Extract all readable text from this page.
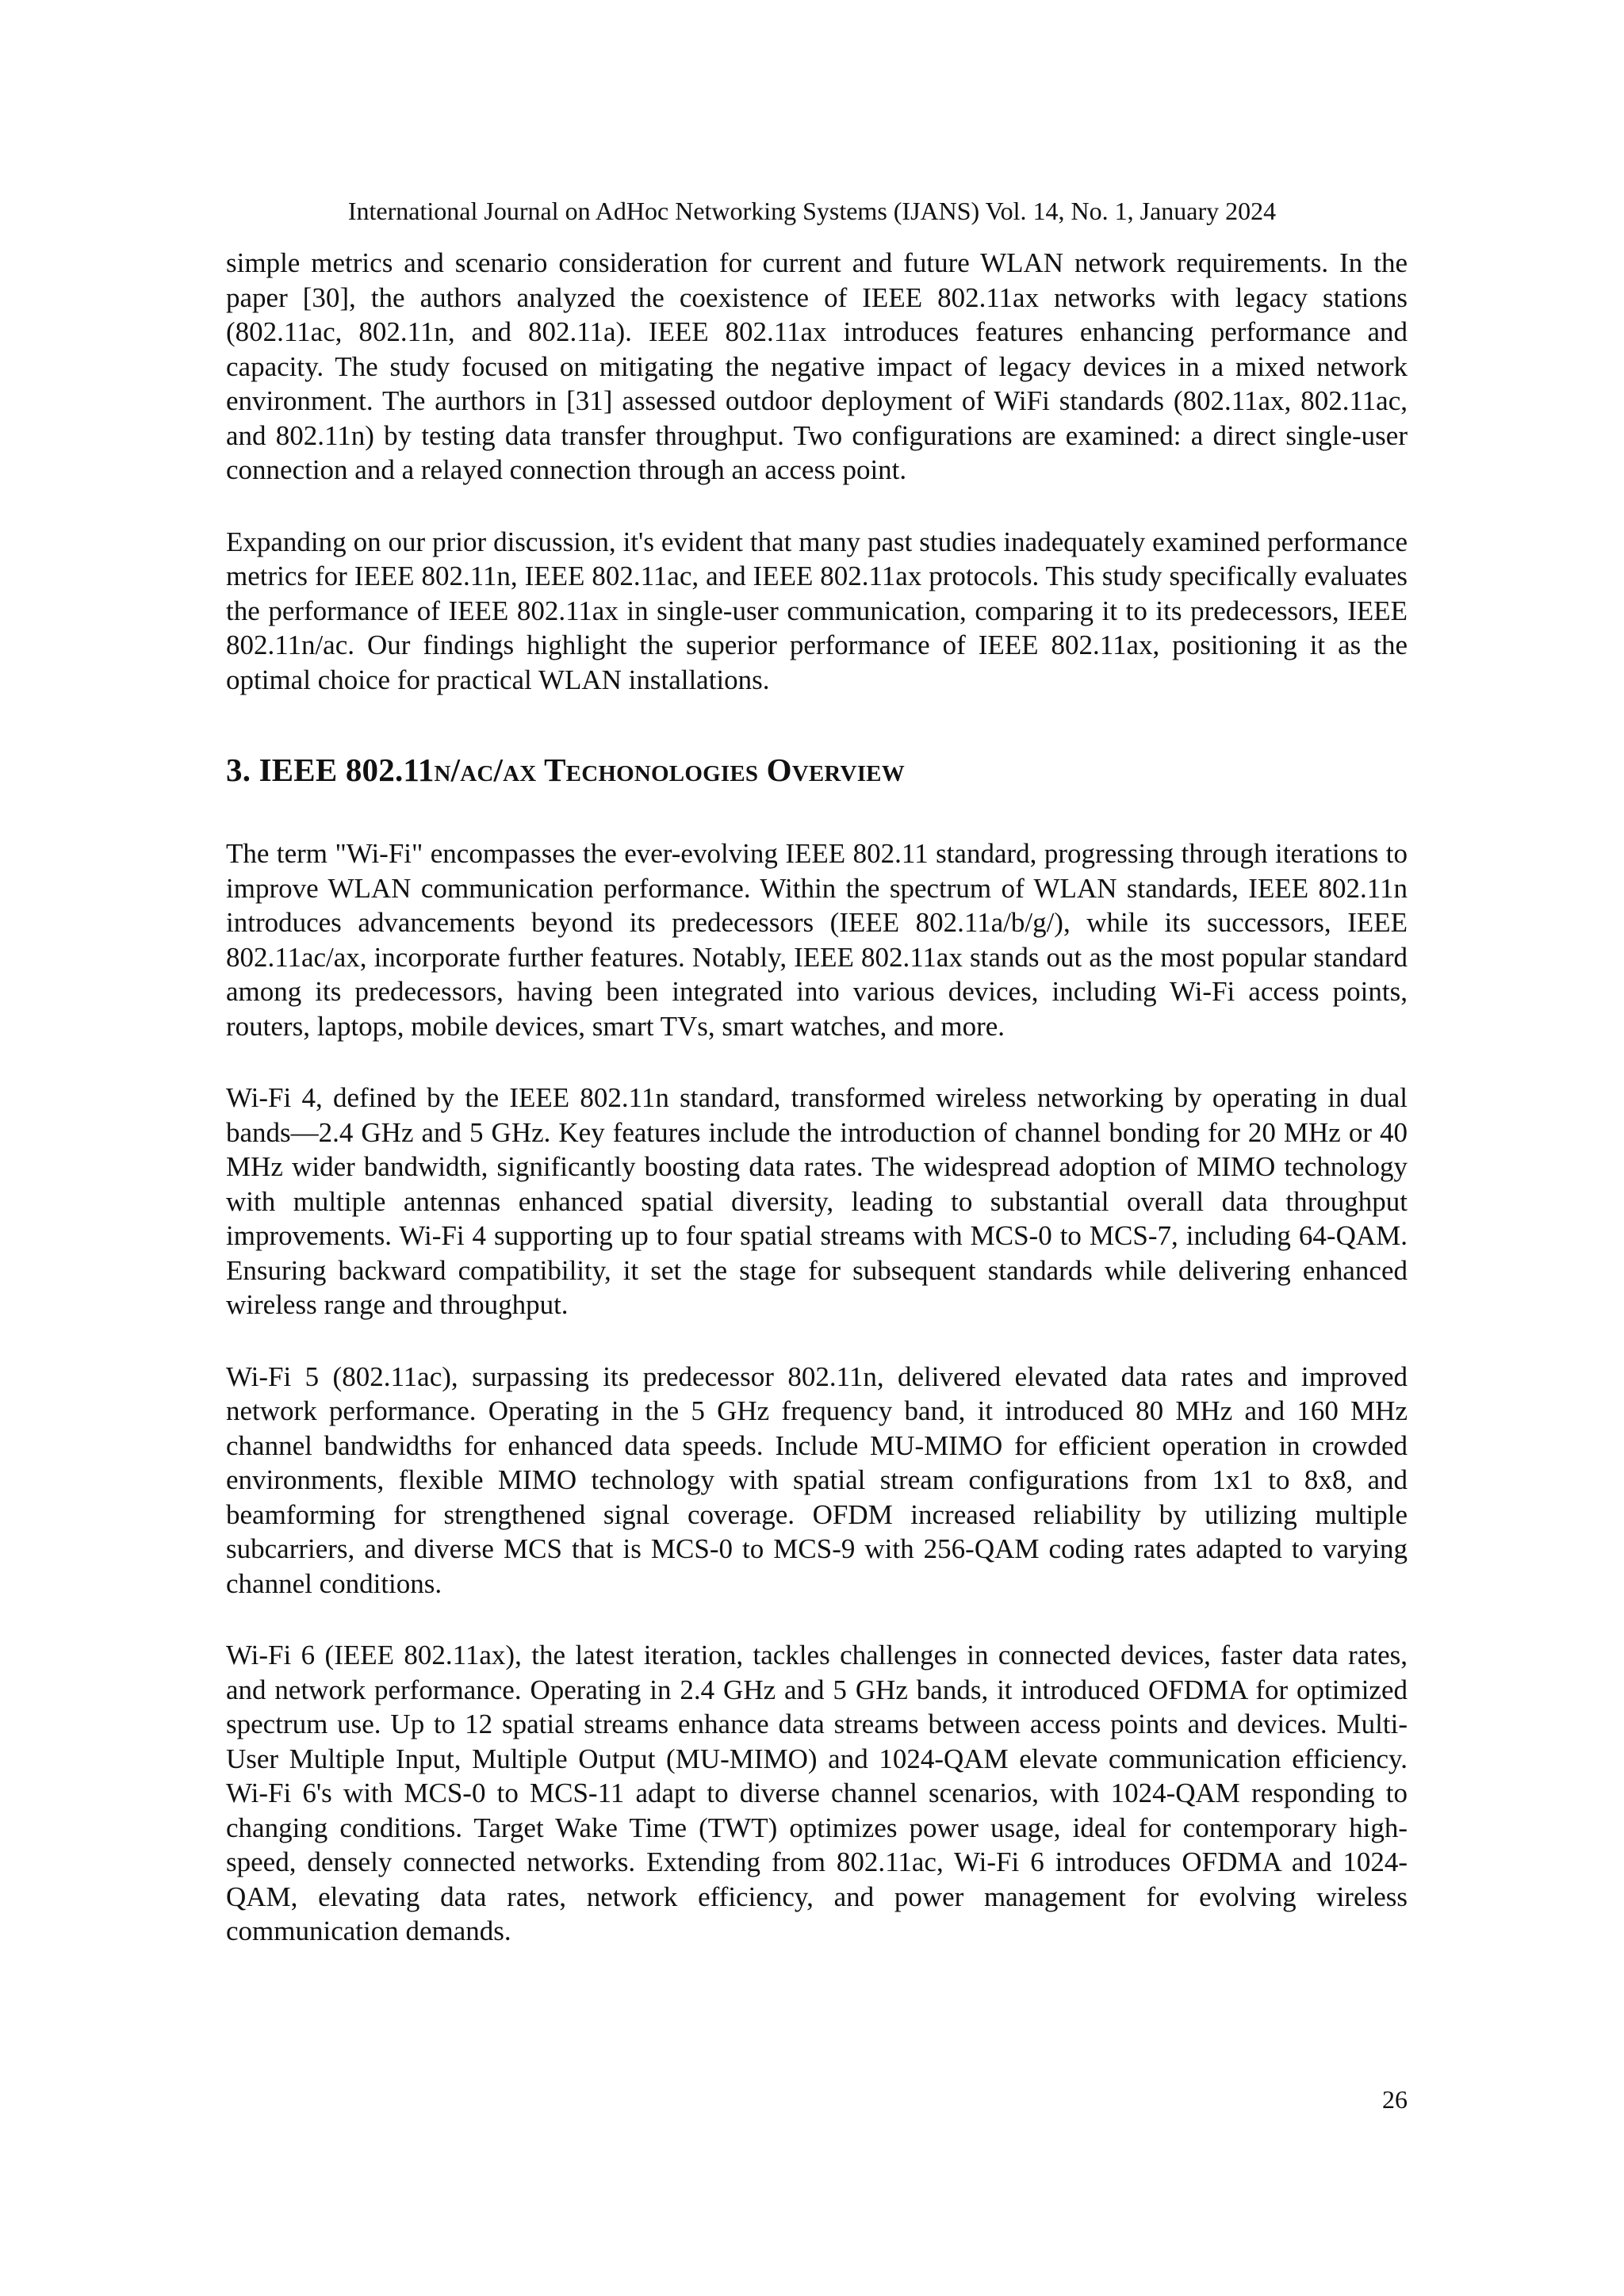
International Journal on AdHoc Networking Systems (IJANS) Vol. 14, No. 1, January 2024

simple metrics and scenario consideration for current and future WLAN network requirements. In the paper [30], the authors analyzed the coexistence of IEEE 802.11ax networks with legacy stations (802.11ac, 802.11n, and 802.11a). IEEE 802.11ax introduces features enhancing performance and capacity. The study focused on mitigating the negative impact of legacy devices in a mixed network environment. The aurthors in [31] assessed outdoor deployment of WiFi standards (802.11ax, 802.11ac, and 802.11n) by testing data transfer throughput. Two configurations are examined: a direct single-user connection and a relayed connection through an access point.

Expanding on our prior discussion, it's evident that many past studies inadequately examined performance metrics for IEEE 802.11n, IEEE 802.11ac, and IEEE 802.11ax protocols. This study specifically evaluates the performance of IEEE 802.11ax in single-user communication, comparing it to its predecessors, IEEE 802.11n/ac. Our findings highlight the superior performance of IEEE 802.11ax, positioning it as the optimal choice for practical WLAN installations.

3. IEEE 802.11n/ac/ax Techonologies Overview

The term "Wi-Fi" encompasses the ever-evolving IEEE 802.11 standard, progressing through iterations to improve WLAN communication performance. Within the spectrum of WLAN standards, IEEE 802.11n introduces advancements beyond its predecessors (IEEE 802.11a/b/g/), while its successors, IEEE 802.11ac/ax, incorporate further features. Notably, IEEE 802.11ax stands out as the most popular standard among its predecessors, having been integrated into various devices, including Wi-Fi access points, routers, laptops, mobile devices, smart TVs, smart watches, and more.

Wi-Fi 4, defined by the IEEE 802.11n standard, transformed wireless networking by operating in dual bands—2.4 GHz and 5 GHz. Key features include the introduction of channel bonding for 20 MHz or 40 MHz wider bandwidth, significantly boosting data rates. The widespread adoption of MIMO technology with multiple antennas enhanced spatial diversity, leading to substantial overall data throughput improvements. Wi-Fi 4 supporting up to four spatial streams with MCS-0 to MCS-7, including 64-QAM. Ensuring backward compatibility, it set the stage for subsequent standards while delivering enhanced wireless range and throughput.

Wi-Fi 5 (802.11ac), surpassing its predecessor 802.11n, delivered elevated data rates and improved network performance. Operating in the 5 GHz frequency band, it introduced 80 MHz and 160 MHz channel bandwidths for enhanced data speeds. Include MU-MIMO for efficient operation in crowded environments, flexible MIMO technology with spatial stream configurations from 1x1 to 8x8, and beamforming for strengthened signal coverage. OFDM increased reliability by utilizing multiple subcarriers, and diverse MCS that is MCS-0 to MCS-9 with 256-QAM coding rates adapted to varying channel conditions.

Wi-Fi 6 (IEEE 802.11ax), the latest iteration, tackles challenges in connected devices, faster data rates, and network performance. Operating in 2.4 GHz and 5 GHz bands, it introduced OFDMA for optimized spectrum use. Up to 12 spatial streams enhance data streams between access points and devices. Multi-User Multiple Input, Multiple Output (MU-MIMO) and 1024-QAM elevate communication efficiency. Wi-Fi 6's with MCS-0 to MCS-11 adapt to diverse channel scenarios, with 1024-QAM responding to changing conditions. Target Wake Time (TWT) optimizes power usage, ideal for contemporary high-speed, densely connected networks. Extending from 802.11ac, Wi-Fi 6 introduces OFDMA and 1024-QAM, elevating data rates, network efficiency, and power management for evolving wireless communication demands.

26
